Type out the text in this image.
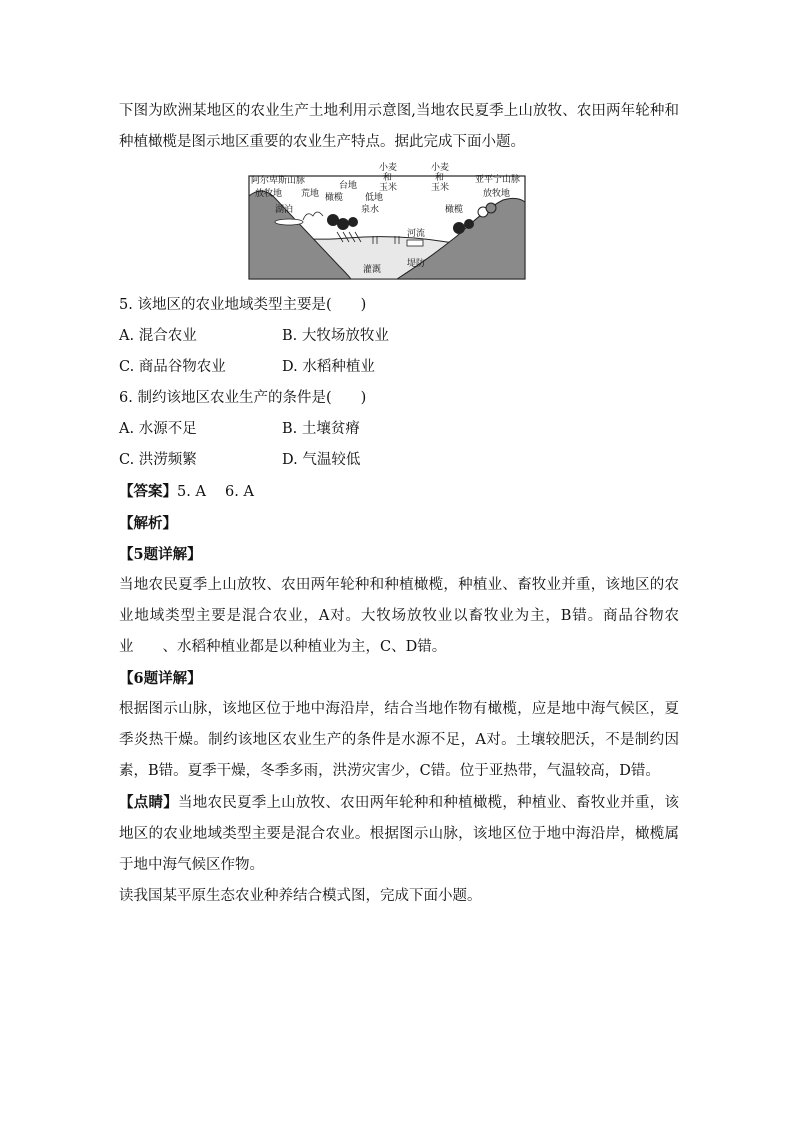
下图为欧洲某地区的农业生产土地利用示意图,当地农民夏季上山放牧、农田两年轮种和种植橄榄是图示地区重要的农业生产特点。据此完成下面小题。

阿尔卑斯山脉
放牧地
湖泊
荒地
台地
橄榄 低地
泉水
小麦
和
玉米
小麦
和
玉米
橄榄
亚平宁山脉
放牧地
河流
灌溉
堤防

5. 该地区的农业地域类型主要是(　　)

A. 混合农业	B. 大牧场放牧业
C. 商品谷物农业	D. 水稻种植业

6. 制约该地区农业生产的条件是(　　)

A. 水源不足	B. 土壤贫瘠
C. 洪涝频繁	D. 气温较低

【答案】5. A　 6. A

【解析】

【5题详解】

当地农民夏季上山放牧、农田两年轮种和种植橄榄，种植业、畜牧业并重，该地区的农业地域类型主要是混合农业，A对。大牧场放牧业以畜牧业为主，B错。商品谷物农业　　、水稻种植业都是以种植业为主，C、D错。

【6题详解】

根据图示山脉，该地区位于地中海沿岸，结合当地作物有橄榄，应是地中海气候区，夏季炎热干燥。制约该地区农业生产的条件是水源不足，A对。土壤较肥沃，不是制约因素，B错。夏季干燥，冬季多雨，洪涝灾害少，C错。位于亚热带，气温较高，D错。

【点睛】当地农民夏季上山放牧、农田两年轮种和种植橄榄，种植业、畜牧业并重，该地区的农业地域类型主要是混合农业。根据图示山脉，该地区位于地中海沿岸，橄榄属于地中海气候区作物。

读我国某平原生态农业种养结合模式图，完成下面小题。
